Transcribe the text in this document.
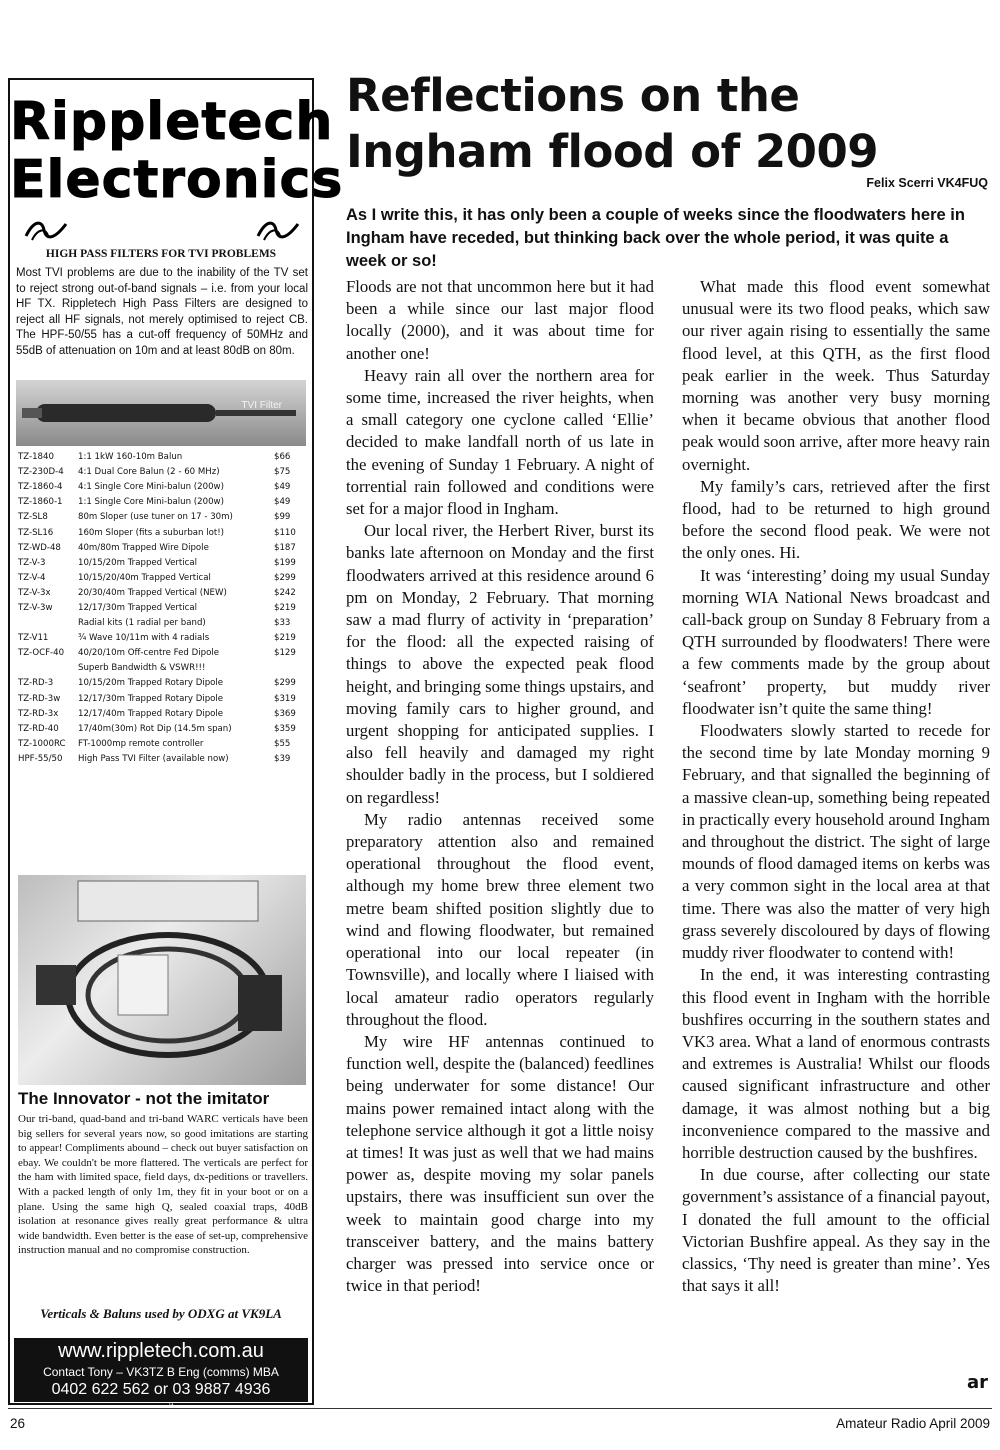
Rippletech
Electronics
HIGH PASS FILTERS FOR TVI PROBLEMS
Most TVI problems are due to the inability of the TV set to reject strong out-of-band signals – i.e. from your local HF TX. Rippletech High Pass Filters are designed to reject all HF signals, not merely optimised to reject CB. The HPF-50/55 has a cut-off frequency of 50MHz and 55dB of attenuation on 10m and at least 80dB on 80m.
TVI Filter
TZ-1840	1:1 1kW 160-10m Balun	$66
TZ-230D-4	4:1 Dual Core Balun (2 - 60 MHz)	$75
TZ-1860-4	4:1 Single Core Mini-balun (200w)	$49
TZ-1860-1	1:1 Single Core Mini-balun (200w)	$49
TZ-SL8	80m Sloper (use tuner on 17 - 30m)	$99
TZ-SL16	160m Sloper (fits a suburban lot!)	$110
TZ-WD-48	40m/80m Trapped Wire Dipole	$187
TZ-V-3	10/15/20m Trapped Vertical	$199
TZ-V-4	10/15/20/40m Trapped Vertical	$299
TZ-V-3x	20/30/40m Trapped Vertical (NEW)	$242
TZ-V-3w	12/17/30m Trapped Vertical	$219
	Radial kits (1 radial per band)	$33
TZ-V11	¾ Wave 10/11m with 4 radials	$219
TZ-OCF-40	40/20/10m Off-centre Fed Dipole	$129
	Superb Bandwidth & VSWR!!!	
TZ-RD-3	10/15/20m Trapped Rotary Dipole	$299
TZ-RD-3w	12/17/30m Trapped Rotary Dipole	$319
TZ-RD-3x	12/17/40m Trapped Rotary Dipole	$369
TZ-RD-40	17/40m(30m) Rot Dip (14.5m span)	$359
TZ-1000RC	FT-1000mp remote controller	$55
HPF-55/50	High Pass TVI Filter (available now)	$39
The Innovator - not the imitator
Our tri-band, quad-band and tri-band WARC verticals have been big sellers for several years now, so good imitations are starting to appear! Compliments abound – check out buyer satisfaction on ebay. We couldn't be more flattered. The verticals are perfect for the ham with limited space, field days, dx-peditions or travellers. With a packed length of only 1m, they fit in your boot or on a plane. Using the same high Q, sealed coaxial traps, 40dB isolation at resonance gives really great performance & ultra wide bandwidth. Even better is the ease of set-up, comprehensive instruction manual and no compromise construction.
Verticals & Baluns used by ODXG at VK9LA
www.rippletech.com.au
Contact Tony – VK3TZ B Eng (comms) MBA
0402 622 562 or 03 9887 4936
email:
sales@rippletech.com.au
Mastercard, Visa and Paypal accepted
Reflections on the Ingham flood of 2009
Felix Scerri VK4FUQ
As I write this, it has only been a couple of weeks since the floodwaters here in Ingham have receded, but thinking back over the whole period, it was quite a week or so!

Floods are not that uncommon here but it had been a while since our last major flood locally (2000), and it was about time for another one!

Heavy rain all over the northern area for some time, increased the river heights, when a small category one cyclone called ‘Ellie’ decided to make landfall north of us late in the evening of Sunday 1 February. A night of torrential rain followed and conditions were set for a major flood in Ingham.

Our local river, the Herbert River, burst its banks late afternoon on Monday and the first floodwaters arrived at this residence around 6 pm on Monday, 2 February. That morning saw a mad flurry of activity in ‘preparation’ for the flood: all the expected raising of things to above the expected peak flood height, and bringing some things upstairs, and moving family cars to higher ground, and urgent shopping for anticipated supplies. I also fell heavily and damaged my right shoulder badly in the process, but I soldiered on regardless!

My radio antennas received some preparatory attention also and remained operational throughout the flood event, although my home brew three element two metre beam shifted position slightly due to wind and flowing floodwater, but remained operational into our local repeater (in Townsville), and locally where I liaised with local amateur radio operators regularly throughout the flood.

My wire HF antennas continued to function well, despite the (balanced) feedlines being underwater for some distance! Our mains power remained intact along with the telephone service although it got a little noisy at times! It was just as well that we had mains power as, despite moving my solar panels upstairs, there was insufficient sun over the week to maintain good charge into my transceiver battery, and the mains battery charger was pressed into service once or twice in that period!

What made this flood event somewhat unusual were its two flood peaks, which saw our river again rising to essentially the same flood level, at this QTH, as the first flood peak earlier in the week. Thus Saturday morning was another very busy morning when it became obvious that another flood peak would soon arrive, after more heavy rain overnight.

My family’s cars, retrieved after the first flood, had to be returned to high ground before the second flood peak. We were not the only ones. Hi.

It was ‘interesting’ doing my usual Sunday morning WIA National News broadcast and call-back group on Sunday 8 February from a QTH surrounded by floodwaters! There were a few comments made by the group about ‘seafront’ property, but muddy river floodwater isn’t quite the same thing!

Floodwaters slowly started to recede for the second time by late Monday morning 9 February, and that signalled the beginning of a massive clean-up, something being repeated in practically every household around Ingham and throughout the district. The sight of large mounds of flood damaged items on kerbs was a very common sight in the local area at that time. There was also the matter of very high grass severely discoloured by days of flowing muddy river floodwater to contend with!

In the end, it was interesting contrasting this flood event in Ingham with the horrible bushfires occurring in the southern states and VK3 area. What a land of enormous contrasts and extremes is Australia! Whilst our floods caused significant infrastructure and other damage, it was almost nothing but a big inconvenience compared to the massive and horrible destruction caused by the bushfires.

In due course, after collecting our state government’s assistance of a financial payout, I donated the full amount to the official Victorian Bushfire appeal. As they say in the classics, ‘Thy need is greater than mine’. Yes that says it all!

ar
26	Amateur Radio April 2009
